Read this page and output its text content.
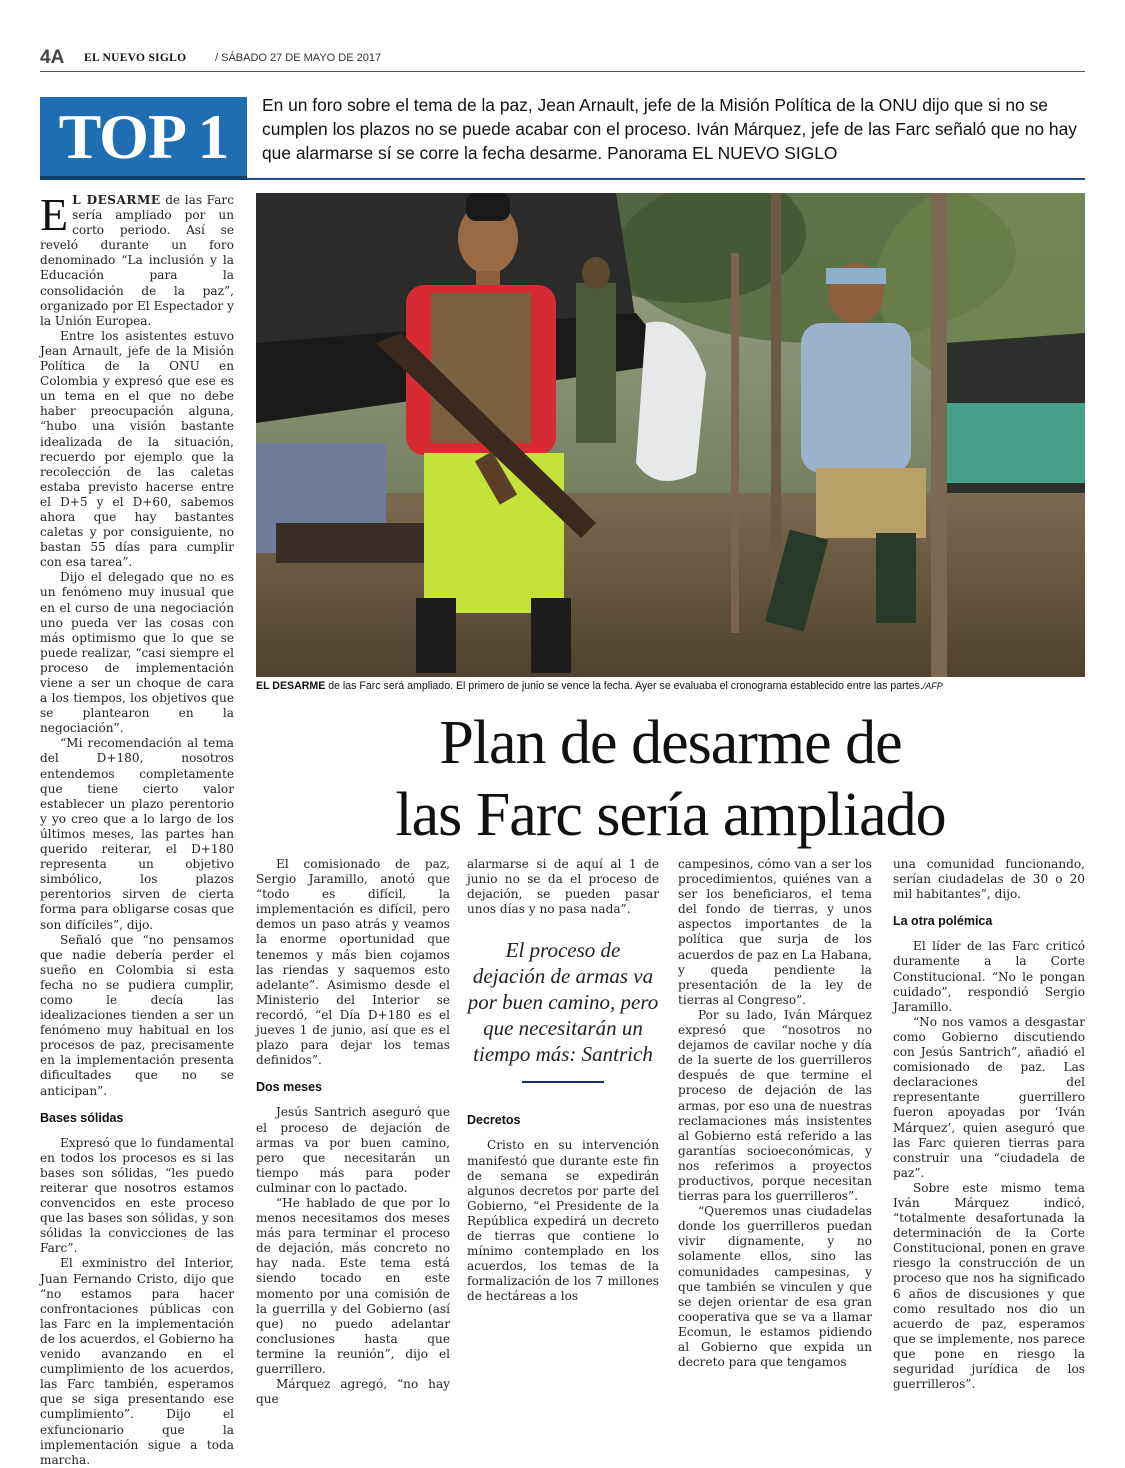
4A EL NUEVO SIGLO	/ SÁBADO 27 DE MAYO DE 2017
TOP 1	En un foro sobre el tema de la paz, Jean Arnault, jefe de la Misión Política de la ONU dijo que si no se cumplen los plazos no se puede acabar con el proceso. Iván Márquez, jefe de las Farc señaló que no hay que alarmarse sí se corre la fecha desarme. Panorama EL NUEVO SIGLO

E L DESARME de las Farc sería ampliado por un corto periodo. Así se reveló durante un foro denominado “La inclusión y la Educación para la consolidación de la paz”, organizado por El Espectador y la Unión Europea.

Entre los asistentes estuvo Jean Arnault, jefe de la Misión Política de la ONU en Colombia y expresó que ese es un tema en el que no debe haber preocupación alguna, “hubo una visión bastante idealizada de la situación, recuerdo por ejemplo que la recolección de las caletas estaba previsto hacerse entre el D+5 y el D+60, sabemos ahora que hay bastantes caletas y por consiguiente, no bastan 55 días para cumplir con esa tarea”.

Dijo el delegado que no es un fenómeno muy inusual que en el curso de una negociación uno pueda ver las cosas con más optimismo que lo que se puede realizar, “casi siempre el proceso de implementación viene a ser un choque de cara a los tiempos, los objetivos que se plantearon en la negociación”.

“Mi recomendación al tema del D+180, nosotros entendemos completamente que tiene cierto valor establecer un plazo perentorio y yo creo que a lo largo de los últimos meses, las partes han querido reiterar, el D+180 representa un objetivo simbólico, los plazos perentorios sirven de cierta forma para obligarse cosas que son difíciles”, dijo.

Señaló que “no pensamos que nadie debería perder el sueño en Colombia si esta fecha no se pudiera cumplir, como le decía las idealizaciones tienden a ser un fenómeno muy habitual en los procesos de paz, precisamente en la implementación presenta dificultades que no se anticipan”.

Bases sólidas

Expresó que lo fundamental en todos los procesos es si las bases son sólidas, “les puedo reiterar que nosotros estamos convencidos en este proceso que las bases son sólidas, y son sólidas la convicciones de las Farc”.

El exministro del Interior, Juan Fernando Cristo, dijo que “no estamos para hacer confrontaciones públicas con las Farc en la implementación de los acuerdos, el Gobierno ha venido avanzando en el cumplimiento de los acuerdos, las Farc también, esperamos que se siga presentando ese cumplimiento”. Dijo el exfuncionario que la implementación sigue a toda marcha.

EL DESARME de las Farc será ampliado. El primero de junio se vence la fecha. Ayer se evaluaba el cronograma establecido entre las partes./AFP
Plan de desarme de
las Farc sería ampliado

El comisionado de paz, Sergio Jaramillo, anotó que “todo es difícil, la implementación es difícil, pero demos un paso atrás y veamos la enorme oportunidad que tenemos y más bien cojamos las riendas y saquemos esto adelante”. Asimismo desde el Ministerio del Interior se recordó, “el Día D+180 es el jueves 1 de junio, así que es el plazo para dejar los temas definidos”.

Dos meses

Jesús Santrich aseguró que el proceso de dejación de armas va por buen camino, pero que necesitarán un tiempo más para poder culminar con lo pactado.

“He hablado de que por lo menos necesitamos dos meses más para terminar el proceso de dejación, más concreto no hay nada. Este tema está siendo tocado en este momento por una comisión de la guerrilla y del Gobierno (así que) no puedo adelantar conclusiones hasta que termine la reunión”, dijo el guerrillero.

Márquez agregó, “no hay que

alarmarse si de aquí al 1 de junio no se da el proceso de dejación, se pueden pasar unos días y no pasa nada”.

El proceso de dejación de armas va por buen camino, pero que necesitarán un tiempo más: Santrich
Decretos

Cristo en su intervención manifestó que durante este fin de semana se expedirán algunos decretos por parte del Gobierno, “el Presidente de la República expedirá un decreto de tierras que contiene lo mínimo contemplado en los acuerdos, los temas de la formalización de los 7 millones de hectáreas a los

campesinos, cómo van a ser los procedimientos, quiénes van a ser los beneficiaros, el tema del fondo de tierras, y unos aspectos importantes de la política que surja de los acuerdos de paz en La Habana, y queda pendiente la presentación de la ley de tierras al Congreso”.

Por su lado, Iván Márquez expresó que “nosotros no dejamos de cavilar noche y día de la suerte de los guerrilleros después de que termine el proceso de dejación de las armas, por eso una de nuestras reclamaciones más insistentes al Gobierno está referido a las garantías socioeconómicas, y nos referimos a proyectos productivos, porque necesitan tierras para los guerrilleros”.

“Queremos unas ciudadelas donde los guerrilleros puedan vivir dignamente, y no solamente ellos, sino las comunidades campesinas, y que también se vinculen y que se dejen orientar de esa gran cooperativa que se va a llamar Ecomun, le estamos pidiendo al Gobierno que expida un decreto para que tengamos

una comunidad funcionando, serían ciudadelas de 30 o 20 mil habitantes”, dijo.

La otra polémica

El líder de las Farc criticó duramente a la Corte Constitucional. “No le pongan cuidado”, respondió Sergio Jaramillo.

“No nos vamos a desgastar como Gobierno discutiendo con Jesús Santrich”, añadió el comisionado de paz. Las declaraciones del representante guerrillero fueron apoyadas por ‘Iván Márquez’, quien aseguró que las Farc quieren tierras para construir una “ciudadela de paz”.

Sobre este mismo tema Iván Márquez indicó, “totalmente desafortunada la determinación de la Corte Constitucional, ponen en grave riesgo la construcción de un proceso que nos ha significado 6 años de discusiones y que como resultado nos dio un acuerdo de paz, esperamos que se implemente, nos parece que pone en riesgo la seguridad jurídica de los guerrilleros”.
